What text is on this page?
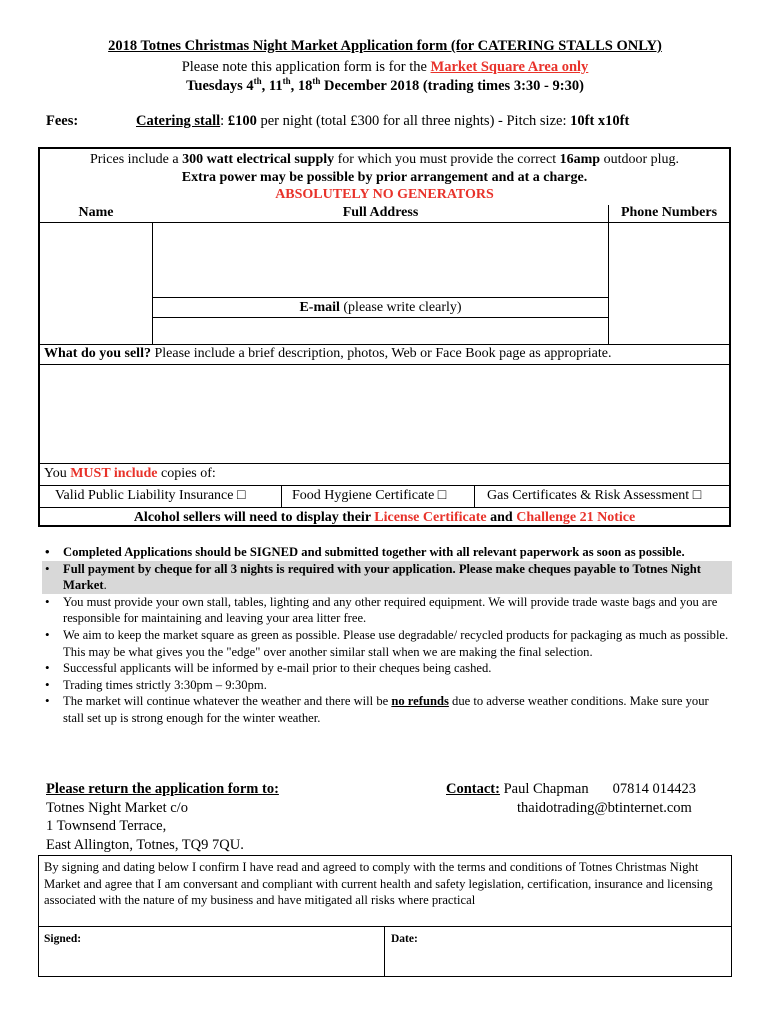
2018 Totnes Christmas Night Market Application form (for CATERING STALLS ONLY)
Please note this application form is for the Market Square Area only
Tuesdays 4th, 11th, 18th December 2018 (trading times 3:30 - 9:30)
Fees:	Catering stall: £100 per night (total £300 for all three nights) - Pitch size: 10ft x10ft
Prices include a 300 watt electrical supply for which you must provide the correct 16amp outdoor plug.
Extra power may be possible by prior arrangement and at a charge.
ABSOLUTELY NO GENERATORS
Name	Full Address	Phone Numbers
E-mail (please write clearly)
What do you sell? Please include a brief description, photos, Web or Face Book page as appropriate.
You MUST include copies of:
Valid Public Liability Insurance □	Food Hygiene Certificate □	Gas Certificates & Risk Assessment □
Alcohol sellers will need to display their License Certificate and Challenge 21 Notice
• Completed Applications should be SIGNED and submitted together with all relevant paperwork as soon as possible.
• Full payment by cheque for all 3 nights is required with your application. Please make cheques payable to Totnes Night Market.
• You must provide your own stall, tables, lighting and any other required equipment. We will provide trade waste bags and you are responsible for maintaining and leaving your area litter free.
• We aim to keep the market square as green as possible. Please use degradable/ recycled products for packaging as much as possible. This may be what gives you the "edge" over another similar stall when we are making the final selection.
• Successful applicants will be informed by e-mail prior to their cheques being cashed.
• Trading times strictly 3:30pm – 9:30pm.
• The market will continue whatever the weather and there will be no refunds due to adverse weather conditions. Make sure your stall set up is strong enough for the winter weather.
Please return the application form to:
Totnes Night Market c/o
1 Townsend Terrace,
East Allington, Totnes, TQ9 7QU.
Contact: Paul Chapman 07814 014423
thaidotrading@btinternet.com
By signing and dating below I confirm I have read and agreed to comply with the terms and conditions of Totnes Christmas Night Market and agree that I am conversant and compliant with current health and safety legislation, certification, insurance and licensing associated with the nature of my business and have mitigated all risks where practical
Signed:	Date:
